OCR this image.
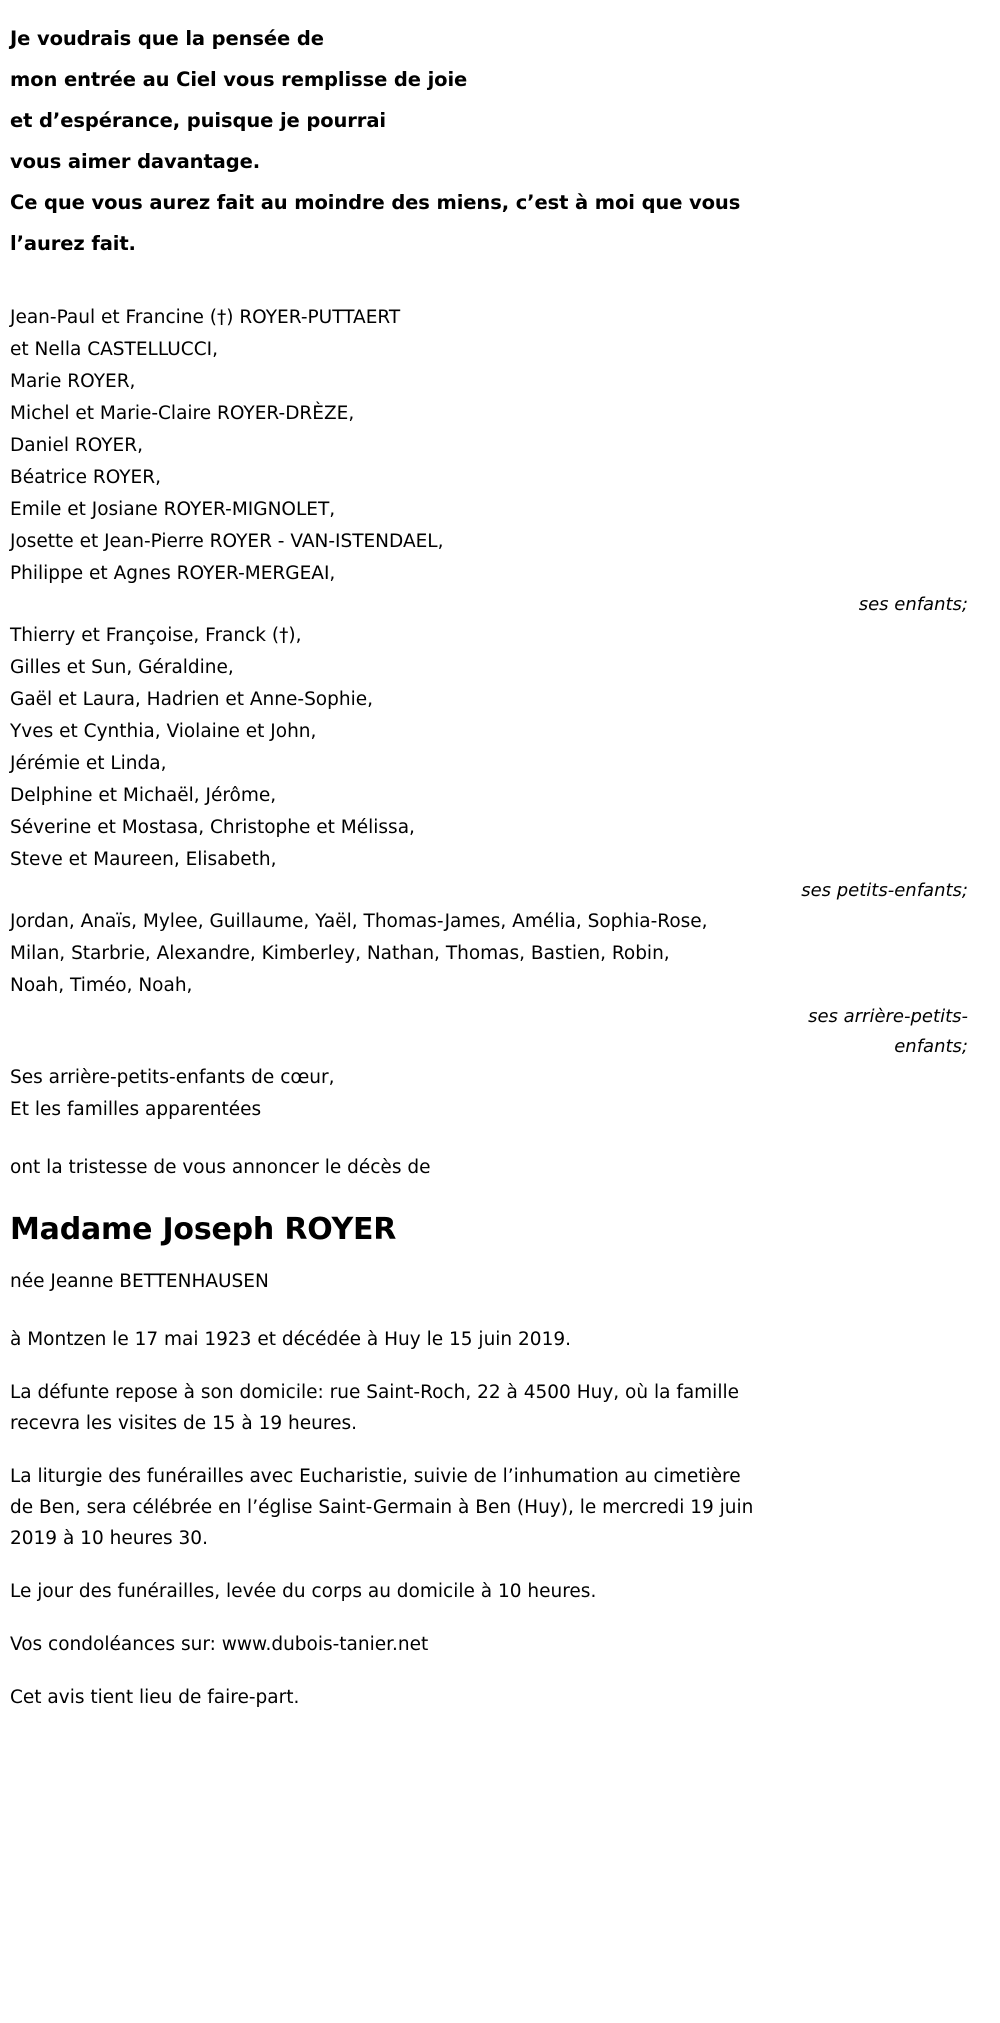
Je voudrais que la pensée de
mon entrée au Ciel vous remplisse de joie
et d’espérance, puisque je pourrai
vous aimer davantage.
Ce que vous aurez fait au moindre des miens, c’est à moi que vous
l’aurez fait.
Jean-Paul et Francine (†) ROYER-PUTTAERT
et Nella CASTELLUCCI,
Marie ROYER,
Michel et Marie-Claire ROYER-DRÈZE,
Daniel ROYER,
Béatrice ROYER,
Emile et Josiane ROYER-MIGNOLET,
Josette et Jean-Pierre ROYER - VAN-ISTENDAEL,
Philippe et Agnes ROYER-MERGEAI,
ses enfants;
Thierry et Françoise, Franck (†),
Gilles et Sun, Géraldine,
Gaël et Laura, Hadrien et Anne-Sophie,
Yves et Cynthia, Violaine et John,
Jérémie et Linda,
Delphine et Michaël, Jérôme,
Séverine et Mostasa, Christophe et Mélissa,
Steve et Maureen, Elisabeth,
ses petits-enfants;
Jordan, Anaïs, Mylee, Guillaume, Yaël, Thomas-James, Amélia, Sophia-Rose,
Milan, Starbrie, Alexandre, Kimberley, Nathan, Thomas, Bastien, Robin,
Noah, Timéo, Noah,
ses arrière-petits-
enfants;
Ses arrière-petits-enfants de cœur,
Et les familles apparentées
ont la tristesse de vous annoncer le décès de
Madame Joseph ROYER
née Jeanne BETTENHAUSEN

à Montzen le 17 mai 1923 et décédée à Huy le 15 juin 2019.

La défunte repose à son domicile: rue Saint-Roch, 22 à 4500 Huy, où la famille recevra les visites de 15 à 19 heures.

La liturgie des funérailles avec Eucharistie, suivie de l’inhumation au cimetière de Ben, sera célébrée en l’église Saint-Germain à Ben (Huy), le mercredi 19 juin 2019 à 10 heures 30.

Le jour des funérailles, levée du corps au domicile à 10 heures.

Vos condoléances sur: www.dubois-tanier.net

Cet avis tient lieu de faire-part.
